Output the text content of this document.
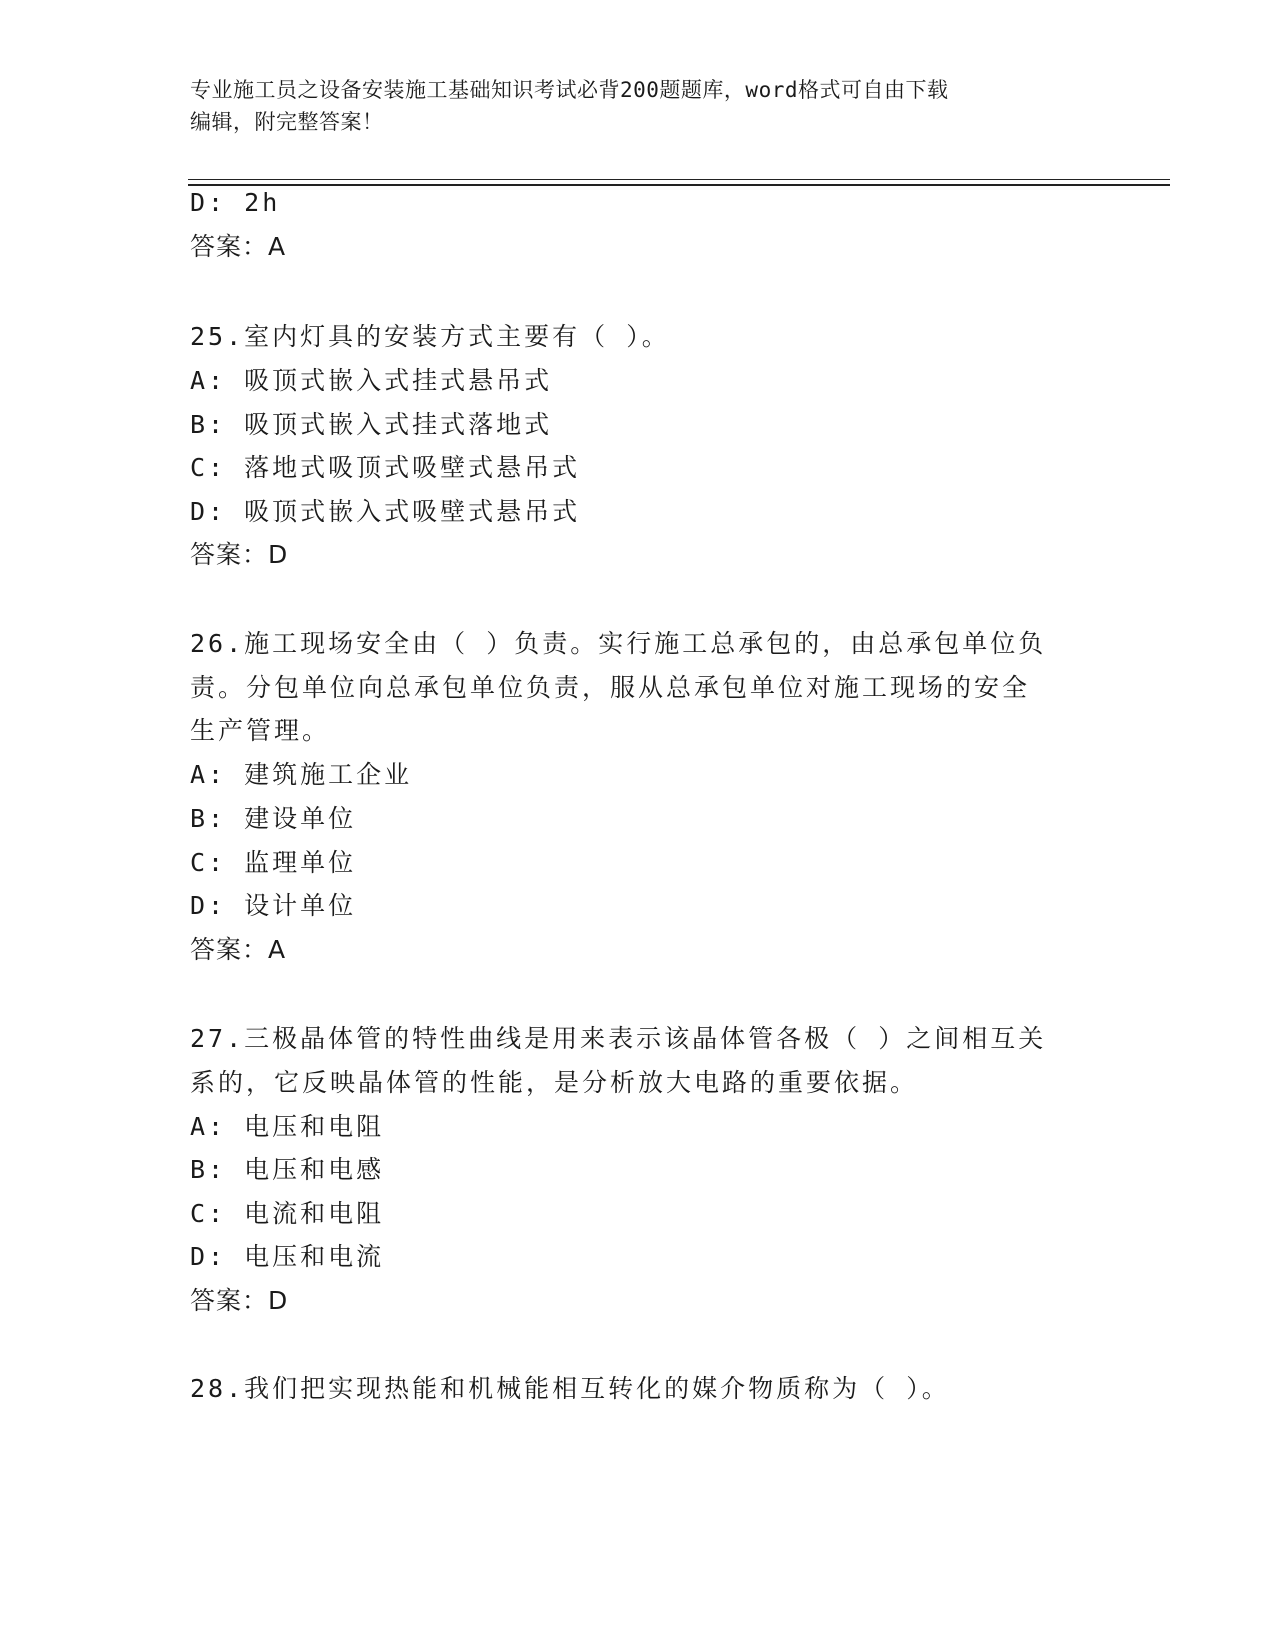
专业施工员之设备安装施工基础知识考试必背200题题库，word格式可自由下载
编辑，附完整答案！
D: 2h
答案：A
25.室内灯具的安装方式主要有（ ）。
A: 吸顶式嵌入式挂式悬吊式
B: 吸顶式嵌入式挂式落地式
C: 落地式吸顶式吸壁式悬吊式
D: 吸顶式嵌入式吸壁式悬吊式
答案：D
26.施工现场安全由（ ）负责。实行施工总承包的，由总承包单位负
责。分包单位向总承包单位负责，服从总承包单位对施工现场的安全
生产管理。
A: 建筑施工企业
B: 建设单位
C: 监理单位
D: 设计单位
答案：A
27.三极晶体管的特性曲线是用来表示该晶体管各极（ ）之间相互关
系的，它反映晶体管的性能，是分析放大电路的重要依据。
A: 电压和电阻
B: 电压和电感
C: 电流和电阻
D: 电压和电流
答案：D
28.我们把实现热能和机械能相互转化的媒介物质称为（ ）。
